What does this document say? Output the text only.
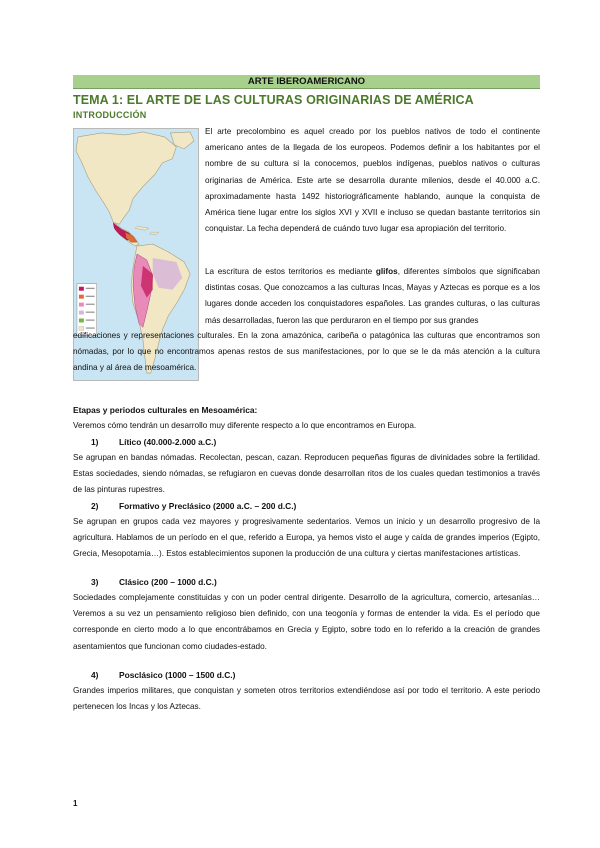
ARTE IBEROAMERICANO
TEMA 1: EL ARTE DE LAS CULTURAS ORIGINARIAS DE AMÉRICA
INTRODUCCIÓN
El arte precolombino es aquel creado por los pueblos nativos de todo el continente americano antes de la llegada de los europeos. Podemos definir a los habitantes por el nombre de su cultura si la conocemos, pueblos indígenas, pueblos nativos o culturas originarias de América. Este arte se desarrolla durante milenios, desde el 40.000 a.C. aproximadamente hasta 1492 historiográficamente hablando, aunque la conquista de América tiene lugar entre los siglos XVI y XVII e incluso se quedan bastante territorios sin conquistar. La fecha dependerá de cuándo tuvo lugar esa apropiación del territorio.
La escritura de estos territorios es mediante glifos, diferentes símbolos que significaban distintas cosas. Que conozcamos a las culturas Incas, Mayas y Aztecas es porque es a los lugares donde acceden los conquistadores españoles. Las grandes culturas, o las culturas más desarrolladas, fueron las que perduraron en el tiempo por sus grandes
edificaciones y representaciones culturales. En la zona amazónica, caribeña o patagónica las culturas que encontramos son nómadas, por lo que no encontramos apenas restos de sus manifestaciones, por lo que se le da más atención a la cultura andina y al área de mesoamérica.
Etapas y periodos culturales en Mesoamérica:
Veremos cómo tendrán un desarrollo muy diferente respecto a lo que encontramos en Europa.
1) Lítico (40.000-2.000 a.C.)
Se agrupan en bandas nómadas. Recolectan, pescan, cazan. Reproducen pequeñas figuras de divinidades sobre la fertilidad. Estas sociedades, siendo nómadas, se refugiaron en cuevas donde desarrollan ritos de los cuales quedan testimonios a través de las pinturas rupestres.
2) Formativo y Preclásico (2000 a.C. – 200 d.C.)
Se agrupan en grupos cada vez mayores y progresivamente sedentarios. Vemos un inicio y un desarrollo progresivo de la agricultura. Hablamos de un período en el que, referido a Europa, ya hemos visto el auge y caída de grandes imperios (Egipto, Grecia, Mesopotamia…). Estos establecimientos suponen la producción de una cultura y ciertas manifestaciones artísticas.
3) Clásico (200 – 1000 d.C.)
Sociedades complejamente constituidas y con un poder central dirigente. Desarrollo de la agricultura, comercio, artesanías… Veremos a su vez un pensamiento religioso bien definido, con una teogonía y formas de entender la vida. Es el período que corresponde en cierto modo a lo que encontrábamos en Grecia y Egipto, sobre todo en lo referido a la creación de grandes asentamientos que funcionan como ciudades-estado.
4) Posclásico (1000 – 1500 d.C.)
Grandes imperios militares, que conquistan y someten otros territorios extendiéndose así por todo el territorio. A este periodo pertenecen los Incas y los Aztecas.
1
